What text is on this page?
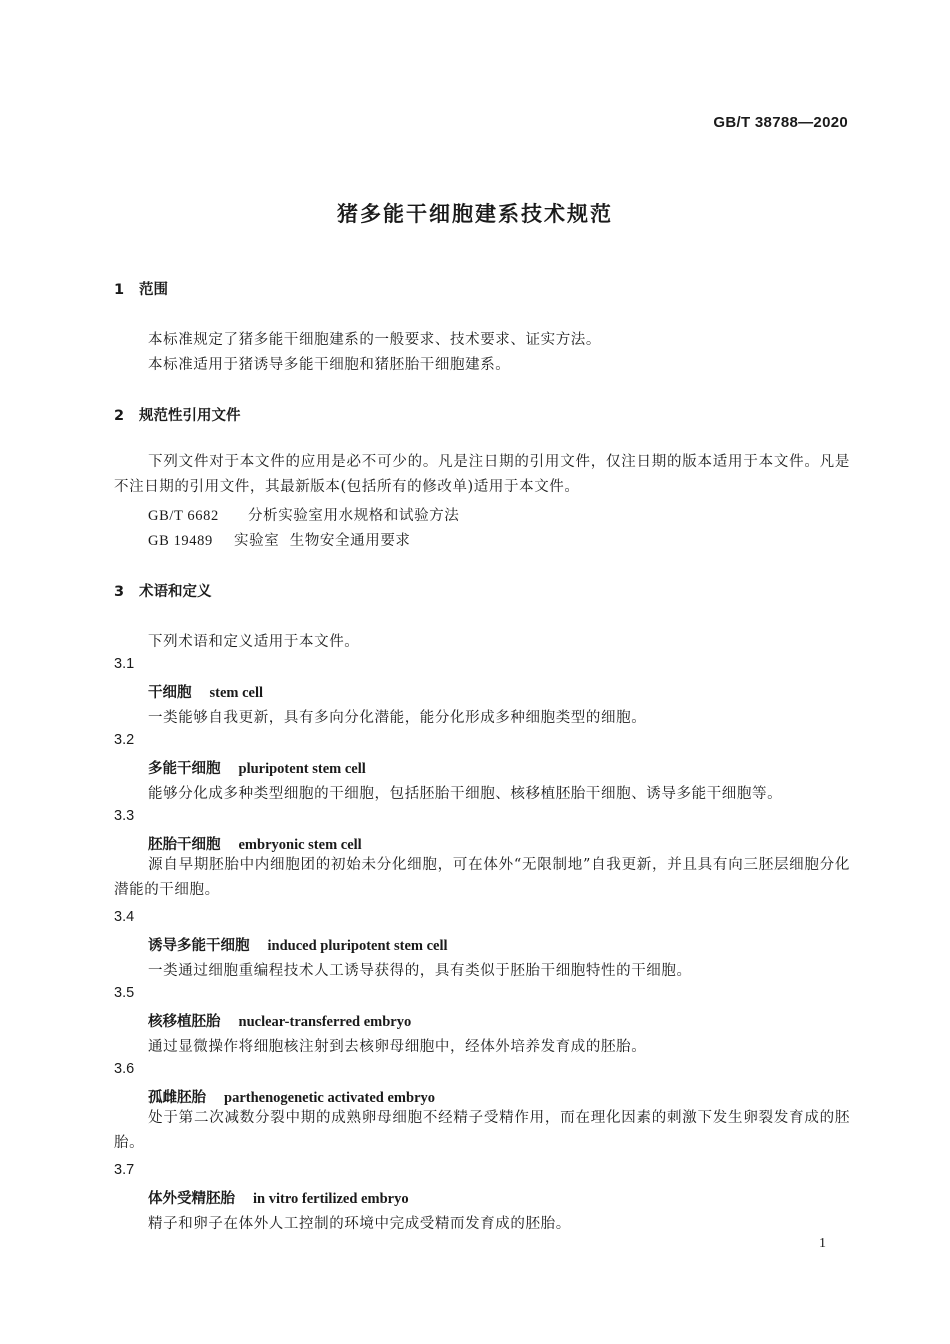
GB/T 38788—2020
猪多能干细胞建系技术规范
1 范围
本标准规定了猪多能干细胞建系的一般要求、技术要求、证实方法。
本标准适用于猪诱导多能干细胞和猪胚胎干细胞建系。
2 规范性引用文件
下列文件对于本文件的应用是必不可少的。凡是注日期的引用文件，仅注日期的版本适用于本文件。凡是不注日期的引用文件，其最新版本(包括所有的修改单)适用于本文件。
GB/T 6682 分析实验室用水规格和试验方法
GB 19489 实验室  生物安全通用要求
3 术语和定义
下列术语和定义适用于本文件。
3.1
干细胞 stem cell
一类能够自我更新，具有多向分化潜能，能分化形成多种细胞类型的细胞。
3.2
多能干细胞 pluripotent stem cell
能够分化成多种类型细胞的干细胞，包括胚胎干细胞、核移植胚胎干细胞、诱导多能干细胞等。
3.3
胚胎干细胞 embryonic stem cell
源自早期胚胎中内细胞团的初始未分化细胞，可在体外“无限制地”自我更新，并且具有向三胚层细胞分化潜能的干细胞。
3.4
诱导多能干细胞 induced pluripotent stem cell
一类通过细胞重编程技术人工诱导获得的，具有类似于胚胎干细胞特性的干细胞。
3.5
核移植胚胎 nuclear-transferred embryo
通过显微操作将细胞核注射到去核卵母细胞中，经体外培养发育成的胚胎。
3.6
孤雌胚胎 parthenogenetic activated embryo
处于第二次减数分裂中期的成熟卵母细胞不经精子受精作用，而在理化因素的刺激下发生卵裂发育成的胚胎。
3.7
体外受精胚胎 in vitro fertilized embryo
精子和卵子在体外人工控制的环境中完成受精而发育成的胚胎。
1
